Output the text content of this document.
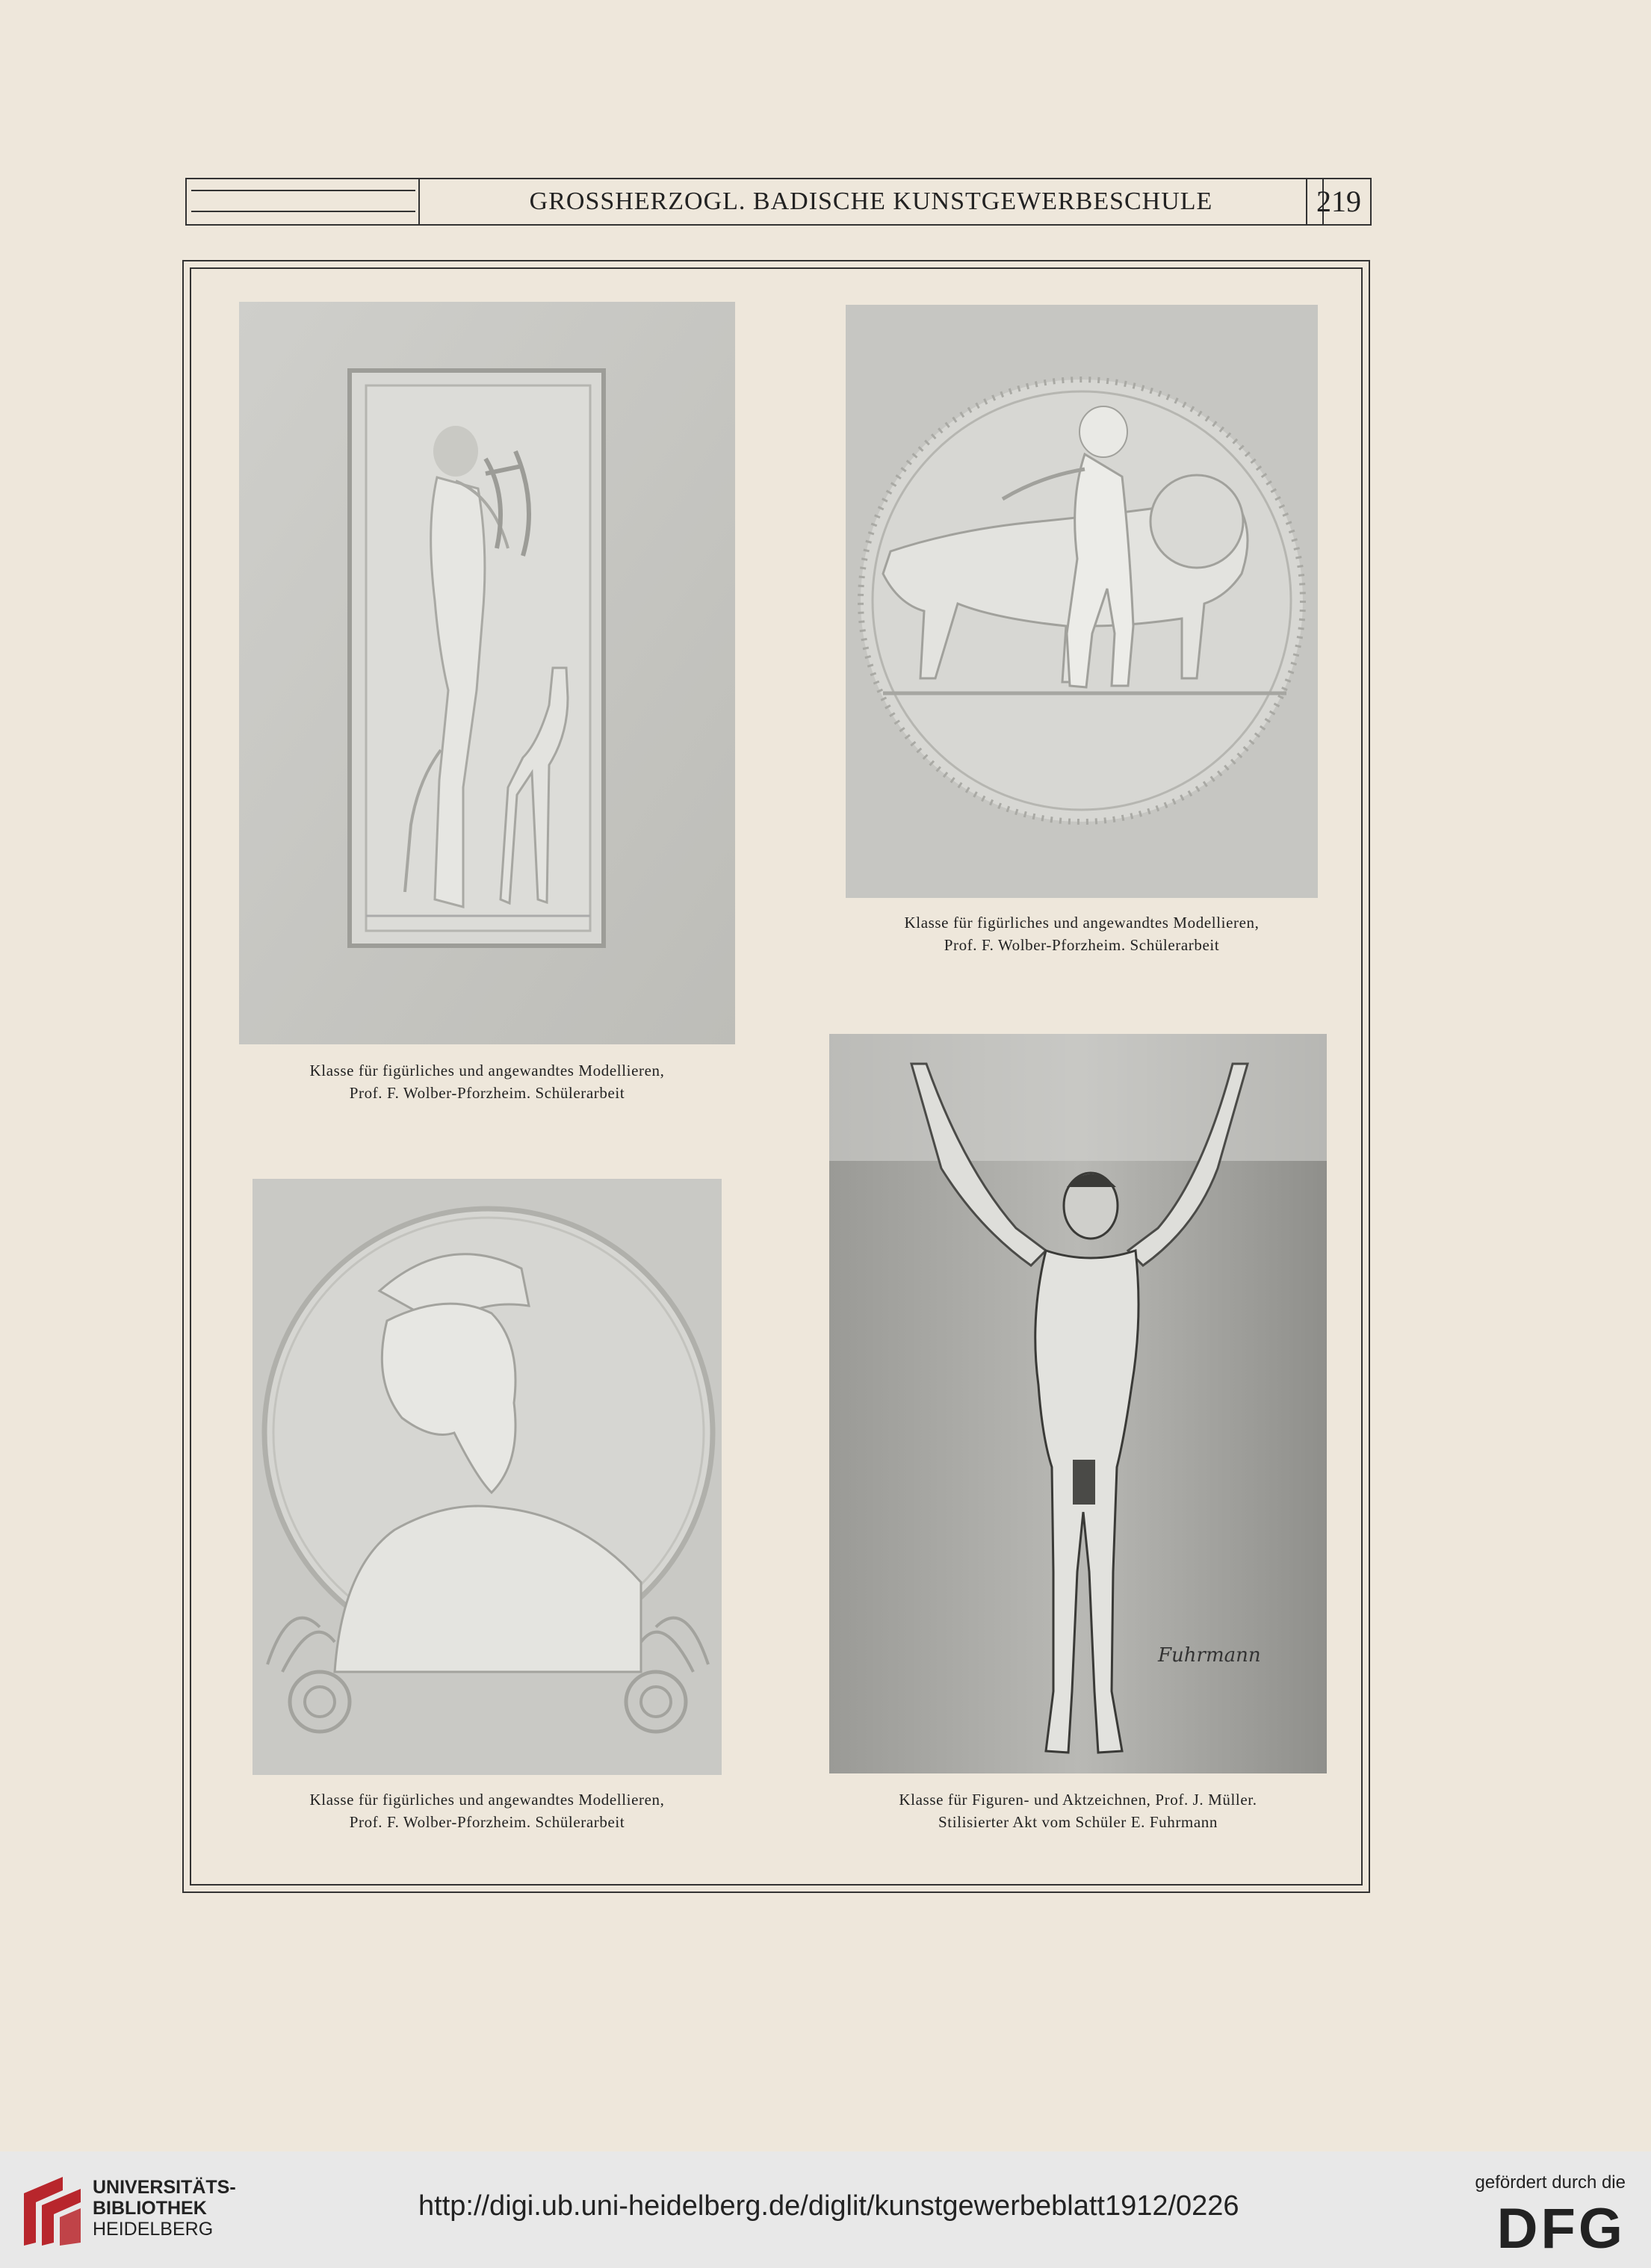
GROSSHERZOGL. BADISCHE KUNSTGEWERBESCHULE	219
Klasse für figürliches und angewandtes Modellieren,
Prof. F. Wolber-Pforzheim. Schülerarbeit
Klasse für figürliches und angewandtes Modellieren,
Prof. F. Wolber-Pforzheim. Schülerarbeit
Klasse für figürliches und angewandtes Modellieren,
Prof. F. Wolber-Pforzheim. Schülerarbeit
Fuhrmann
Klasse für Figuren- und Aktzeichnen, Prof. J. Müller.
Stilisierter Akt vom Schüler E. Fuhrmann
UNIVERSITÄTS-
BIBLIOTHEK
HEIDELBERG
http://digi.ub.uni-heidelberg.de/diglit/kunstgewerbeblatt1912/0226
gefördert durch die
DFG
